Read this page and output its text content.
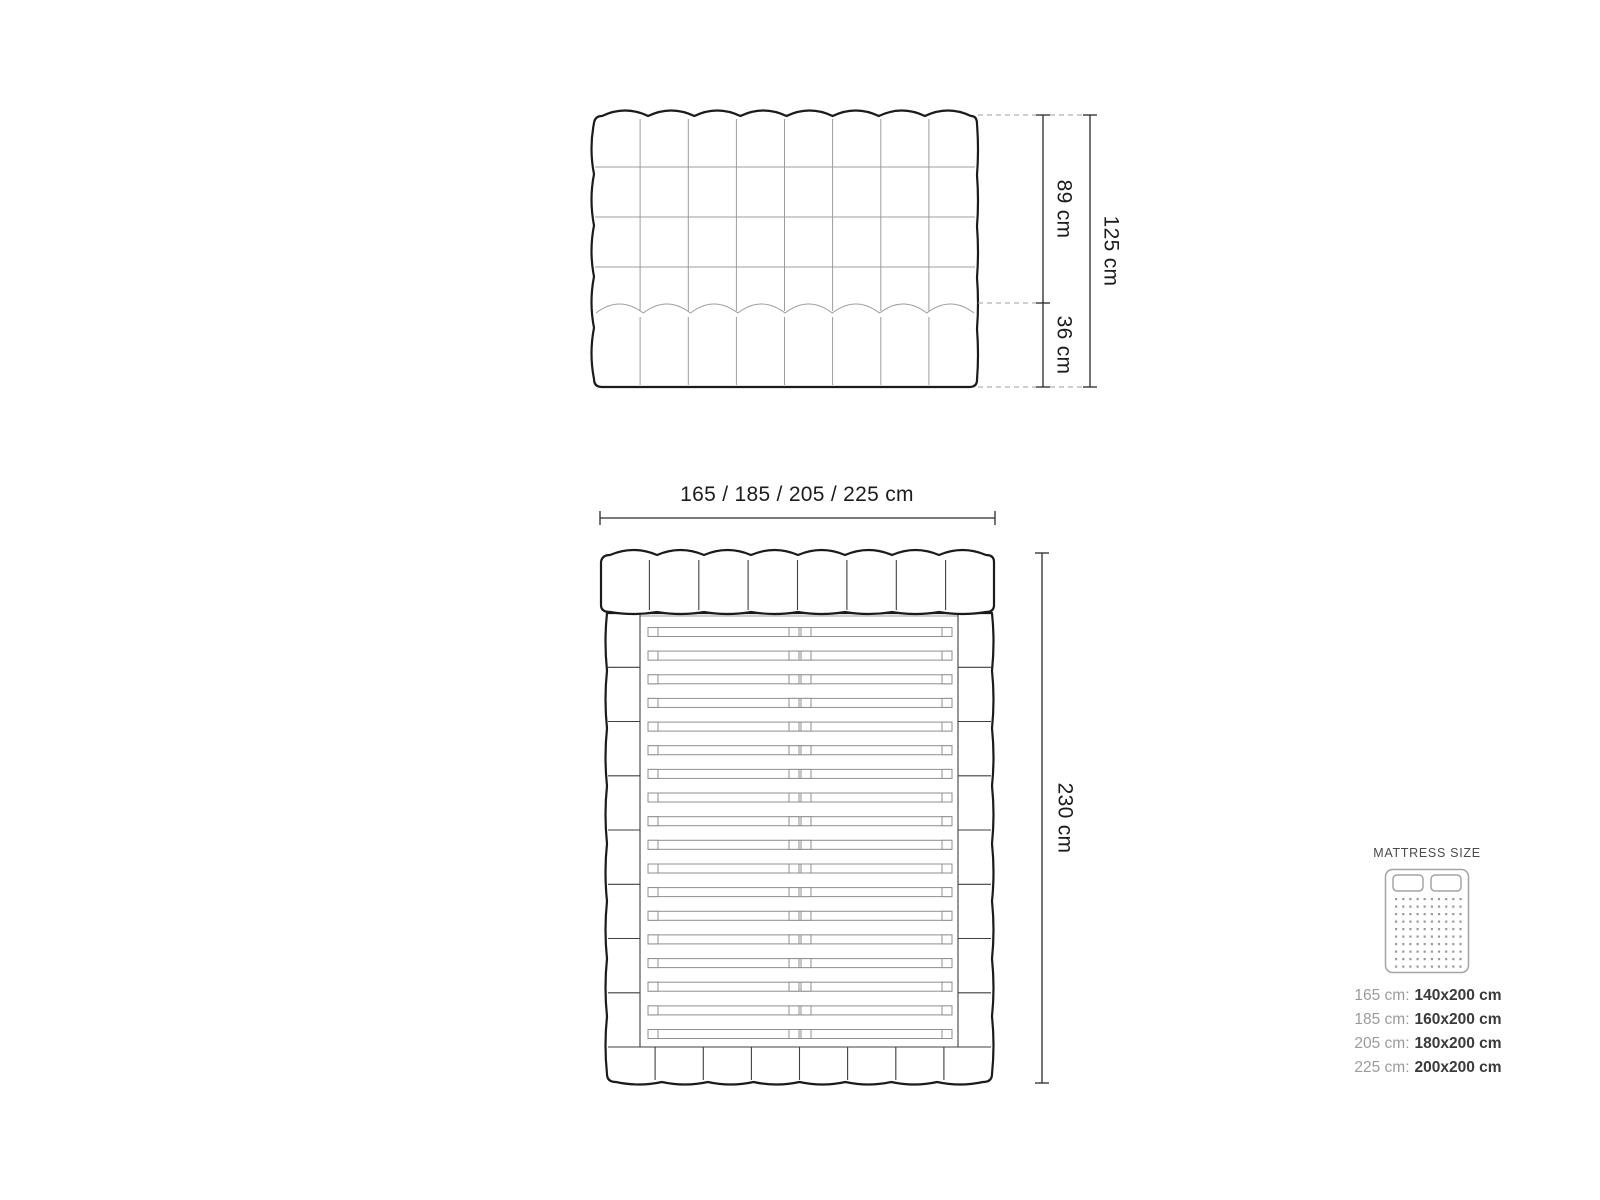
89 cm
36 cm
125 cm
165 / 185 / 205 / 225 cm
230 cm	MATTRESS SIZE
165 cm: 140x200 cm
185 cm: 160x200 cm
205 cm: 180x200 cm
225 cm: 200x200 cm
